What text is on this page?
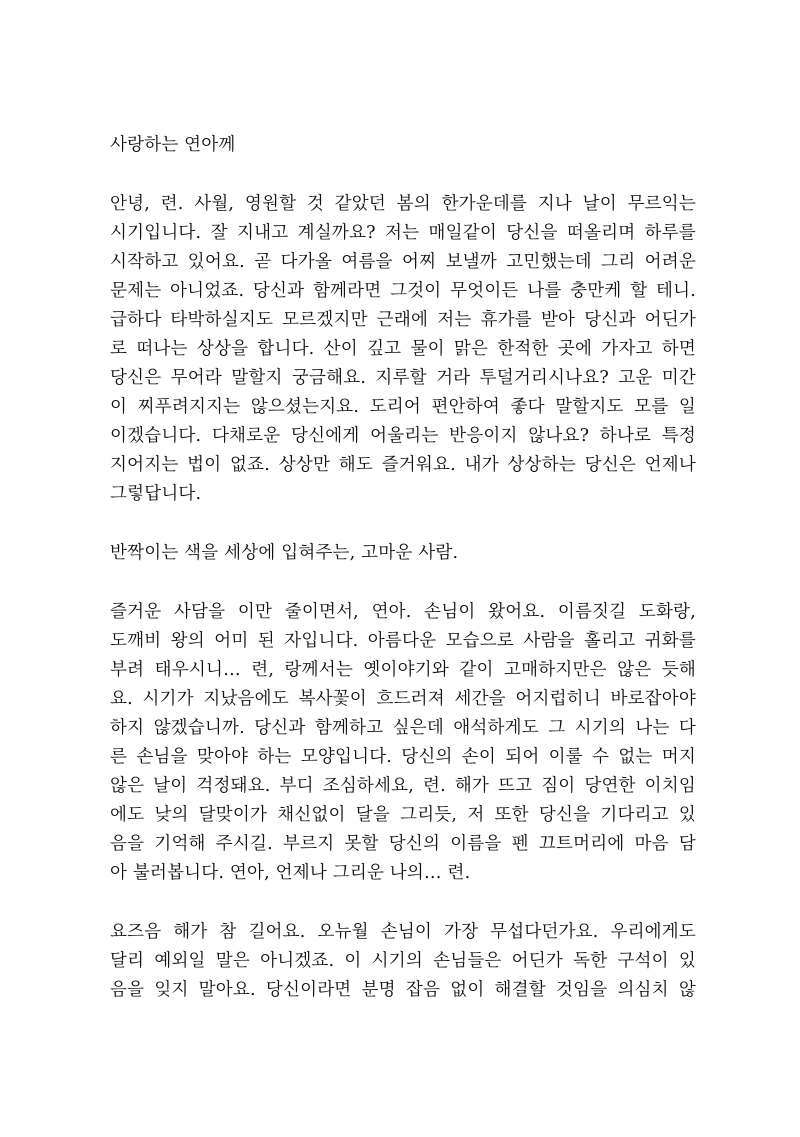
사랑하는 연아께
안녕, 련. 사월, 영원할 것 같았던 봄의 한가운데를 지나 날이 무르익는
시기입니다. 잘 지내고 계실까요? 저는 매일같이 당신을 떠올리며 하루를
시작하고 있어요. 곧 다가올 여름을 어찌 보낼까 고민했는데 그리 어려운
문제는 아니었죠. 당신과 함께라면 그것이 무엇이든 나를 충만케 할 테니.
급하다 타박하실지도 모르겠지만 근래에 저는 휴가를 받아 당신과 어딘가
로 떠나는 상상을 합니다. 산이 깊고 물이 맑은 한적한 곳에 가자고 하면
당신은 무어라 말할지 궁금해요. 지루할 거라 투덜거리시나요? 고운 미간
이 찌푸려지지는 않으셨는지요. 도리어 편안하여 좋다 말할지도 모를 일
이겠습니다. 다채로운 당신에게 어울리는 반응이지 않나요? 하나로 특정
지어지는 법이 없죠. 상상만 해도 즐거워요. 내가 상상하는 당신은 언제나
그렇답니다.
반짝이는 색을 세상에 입혀주는, 고마운 사람.
즐거운 사담을 이만 줄이면서, 연아. 손님이 왔어요. 이름짓길 도화랑,
도깨비 왕의 어미 된 자입니다. 아름다운 모습으로 사람을 홀리고 귀화를
부려 태우시니… 련, 랑께서는 옛이야기와 같이 고매하지만은 않은 듯해
요. 시기가 지났음에도 복사꽃이 흐드러져 세간을 어지럽히니 바로잡아야
하지 않겠습니까. 당신과 함께하고 싶은데 애석하게도 그 시기의 나는 다
른 손님을 맞아야 하는 모양입니다. 당신의 손이 되어 이룰 수 없는 머지
않은 날이 걱정돼요. 부디 조심하세요, 련. 해가 뜨고 짐이 당연한 이치임
에도 낮의 달맞이가 채신없이 달을 그리듯, 저 또한 당신을 기다리고 있
음을 기억해 주시길. 부르지 못할 당신의 이름을 펜 끄트머리에 마음 담
아 불러봅니다. 연아, 언제나 그리운 나의… 련.
요즈음 해가 참 길어요. 오뉴월 손님이 가장 무섭다던가요. 우리에게도
달리 예외일 말은 아니겠죠. 이 시기의 손님들은 어딘가 독한 구석이 있
음을 잊지 말아요. 당신이라면 분명 잡음 없이 해결할 것임을 의심치 않
